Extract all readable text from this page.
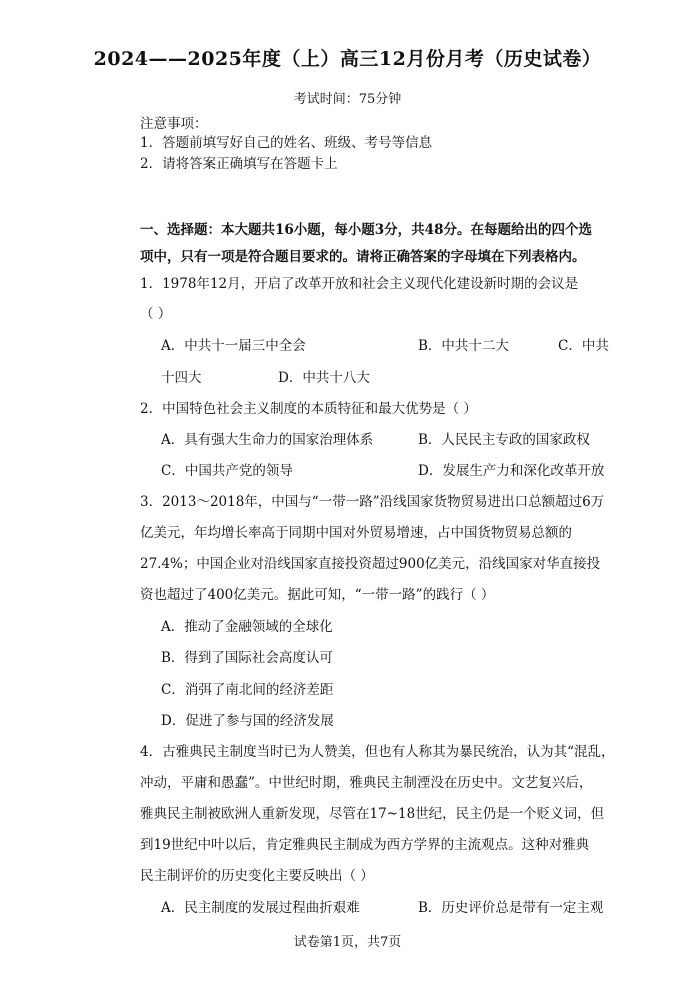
2024——2025年度（上）高三12月份月考（历史试卷）
考试时间：75分钟
注意事项：
1．答题前填写好自己的姓名、班级、考号等信息
2．请将答案正确填写在答题卡上
一、选择题：本大题共16小题，每小题3分，共48分。在每题给出的四个选
项中，只有一项是符合题目要求的。请将正确答案的字母填在下列表格内。
1．1978年12月，开启了改革开放和社会主义现代化建设新时期的会议是
（ ）
A．中共十一届三中全会	B．中共十二大	C．中共
十四大	D．中共十八大
2．中国特色社会主义制度的本质特征和最大优势是（ ）
A．具有强大生命力的国家治理体系	B．人民民主专政的国家政权
C．中国共产党的领导	D．发展生产力和深化改革开放
3．2013～2018年，中国与“一带一路”沿线国家货物贸易进出口总额超过6万
亿美元，年均增长率高于同期中国对外贸易增速，占中国货物贸易总额的
27.4%；中国企业对沿线国家直接投资超过900亿美元，沿线国家对华直接投
资也超过了400亿美元。据此可知，“一带一路”的践行（ ）
A．推动了金融领域的全球化
B．得到了国际社会高度认可
C．消弭了南北间的经济差距
D．促进了参与国的经济发展
4．古雅典民主制度当时已为人赞美，但也有人称其为暴民统治，认为其“混乱，
冲动，平庸和愚蠢”。中世纪时期，雅典民主制湮没在历史中。文艺复兴后，
雅典民主制被欧洲人重新发现，尽管在17~18世纪，民主仍是一个贬义词，但
到19世纪中叶以后，肯定雅典民主制成为西方学界的主流观点。这种对雅典
民主制评价的历史变化主要反映出（ ）
A．民主制度的发展过程曲折艰难	B．历史评价总是带有一定主观
试卷第1页，共7页
